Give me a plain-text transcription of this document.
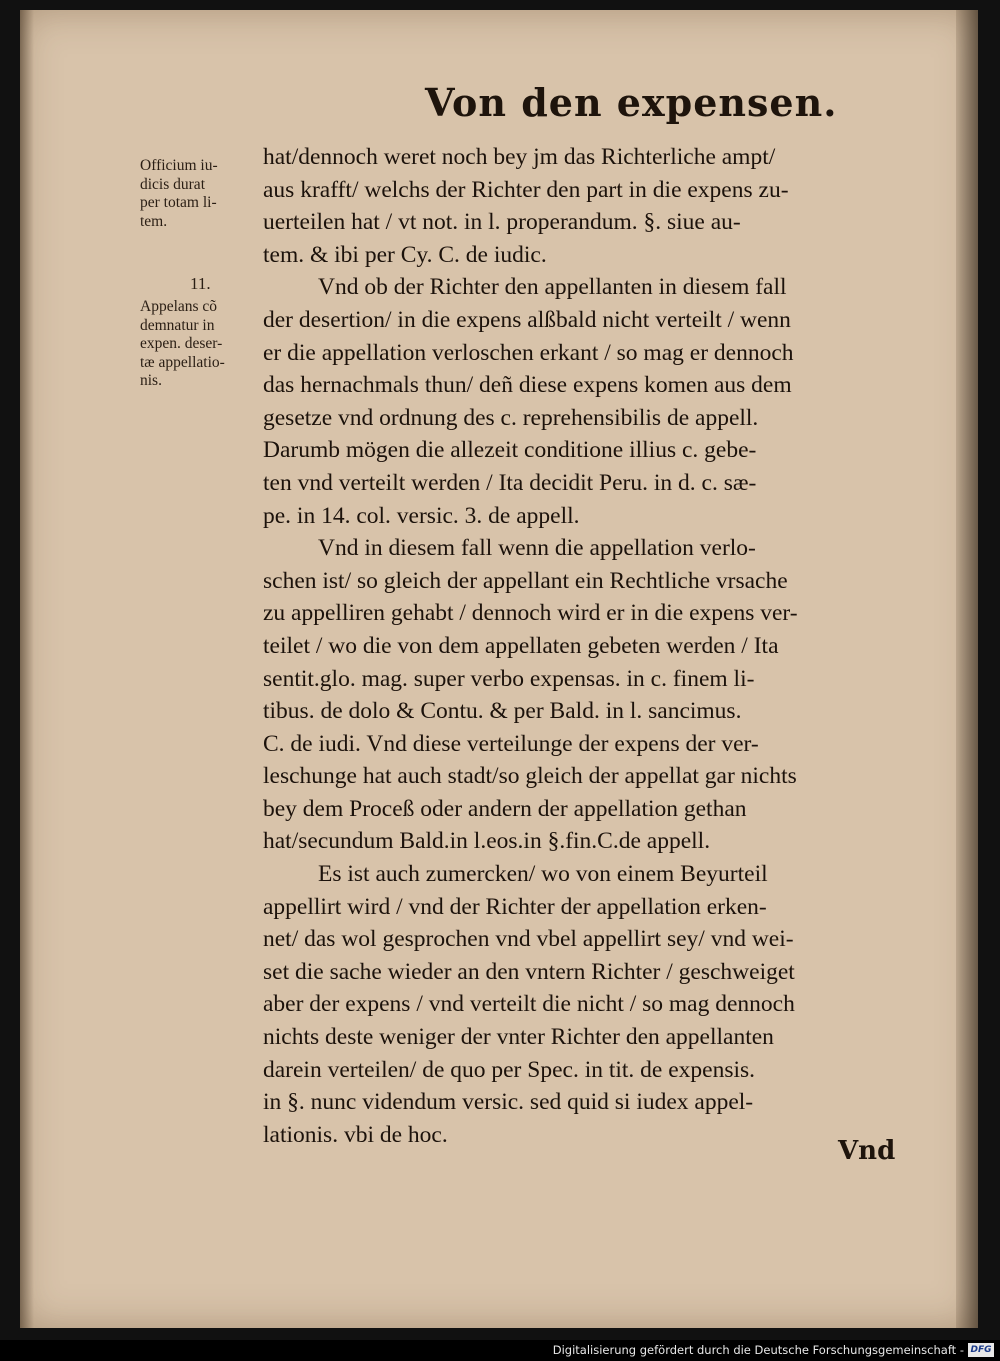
Von den expensen.
Officium iu-
dicis durat
per totam li-
tem.
11.
Appelans cõ
demnatur in
expen. deser-
tæ appellatio-
nis.
hat/dennoch weret noch bey jm das Richterliche ampt/
aus krafft/ welchs der Richter den part in die expens zu-
uerteilen hat / vt not. in l. properandum. §. siue au-
tem. & ibi per Cy. C. de iudic.
Vnd ob der Richter den appellanten in diesem fall
der desertion/ in die expens alßbald nicht verteilt / wenn
er die appellation verloschen erkant / so mag er dennoch
das hernachmals thun/ deñ diese expens komen aus dem
gesetze vnd ordnung des c. reprehensibilis de appell.
Darumb mögen die allezeit conditione illius c. gebe-
ten vnd verteilt werden / Ita decidit Peru. in d. c. sæ-
pe. in 14. col. versic. 3. de appell.
Vnd in diesem fall wenn die appellation verlo-
schen ist/ so gleich der appellant ein Rechtliche vrsache
zu appelliren gehabt / dennoch wird er in die expens ver-
teilet / wo die von dem appellaten gebeten werden / Ita
sentit.glo. mag. super verbo expensas. in c. finem li-
tibus. de dolo & Contu. & per Bald. in l. sancimus.
C. de iudi. Vnd diese verteilunge der expens der ver-
leschunge hat auch stadt/so gleich der appellat gar nichts
bey dem Proceß oder andern der appellation gethan
hat/secundum Bald.in l.eos.in §.fin.C.de appell.
Es ist auch zumercken/ wo von einem Beyurteil
appellirt wird / vnd der Richter der appellation erken-
net/ das wol gesprochen vnd vbel appellirt sey/ vnd wei-
set die sache wieder an den vntern Richter / geschweiget
aber der expens / vnd verteilt die nicht / so mag dennoch
nichts deste weniger der vnter Richter den appellanten
darein verteilen/ de quo per Spec. in tit. de expensis.
in §. nunc videndum versic. sed quid si iudex appel-
lationis. vbi de hoc.
Vnd
Digitalisierung gefördert durch die Deutsche Forschungsgemeinschaft - DFG
